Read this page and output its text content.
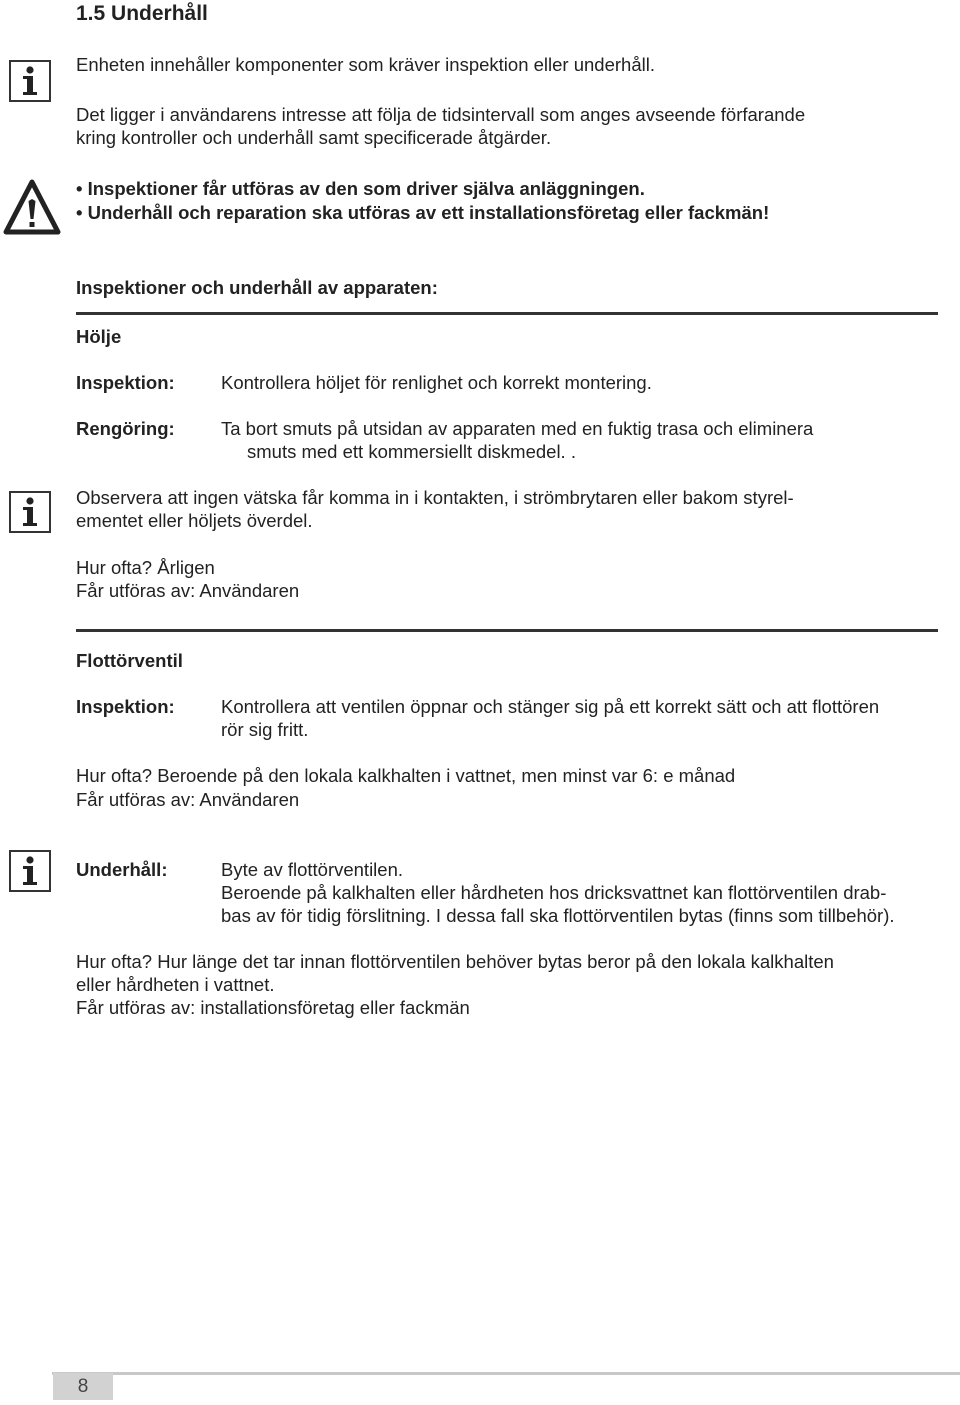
1.5 Underhåll
Enheten innehåller komponenter som kräver inspektion eller underhåll.
Det ligger i användarens intresse att följa de tidsintervall som anges avseende förfarande
kring kontroller och underhåll samt specificerade åtgärder.
• Inspektioner får utföras av den som driver själva anläggningen.
• Underhåll och reparation ska utföras av ett installationsföretag eller fackmän!
Inspektioner och underhåll av apparaten:
Hölje
Inspektion:	Kontrollera höljet för renlighet och korrekt montering.
Rengöring:	Ta bort smuts på utsidan av apparaten med en fuktig trasa och eliminera
smuts med ett kommersiellt diskmedel. .
Observera att ingen vätska får komma in i kontakten, i strömbrytaren eller bakom styrel-
ementet eller höljets överdel.
Hur ofta? Årligen
Får utföras av: Användaren
Flottörventil
Inspektion:	Kontrollera att ventilen öppnar och stänger sig på ett korrekt sätt och att flottören
rör sig fritt.
Hur ofta? Beroende på den lokala kalkhalten i vattnet, men minst var 6: e månad
Får utföras av: Användaren
Underhåll:	Byte av flottörventilen.
Beroende på kalkhalten eller hårdheten hos dricksvattnet kan flottörventilen drab-
bas av för tidig förslitning. I dessa fall ska flottörventilen bytas (finns som tillbehör).
Hur ofta? Hur länge det tar innan flottörventilen behöver bytas beror på den lokala kalkhalten
eller hårdheten i vattnet.
Får utföras av: installationsföretag eller fackmän
8
